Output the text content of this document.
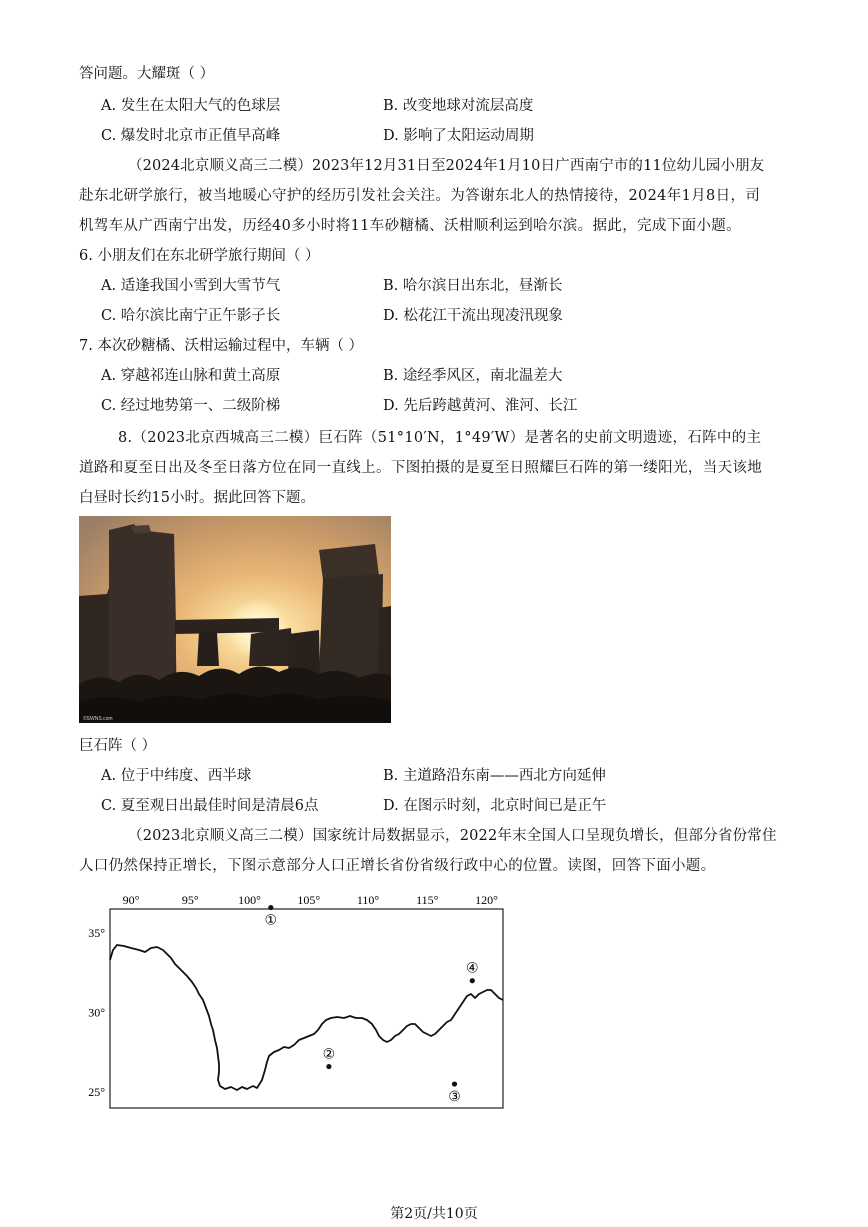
答问题。大耀斑（ ）
A. 发生在太阳大气的色球层	B. 改变地球对流层高度
C. 爆发时北京市正值早高峰	D. 影响了太阳运动周期
（2024北京顺义高三二模）2023年12月31日至2024年1月10日广西南宁市的11位幼儿园小朋友
赴东北研学旅行，被当地暖心守护的经历引发社会关注。为答谢东北人的热情接待，2024年1月8日，司
机驾车从广西南宁出发，历经40多小时将11车砂糖橘、沃柑顺利运到哈尔滨。据此，完成下面小题。
6. 小朋友们在东北研学旅行期间（ ）
A. 适逢我国小雪到大雪节气	B. 哈尔滨日出东北，昼渐长
C. 哈尔滨比南宁正午影子长	D. 松花江干流出现凌汛现象
7. 本次砂糖橘、沃柑运输过程中，车辆（ ）
A. 穿越祁连山脉和黄土高原	B. 途经季风区，南北温差大
C. 经过地势第一、二级阶梯	D. 先后跨越黄河、淮河、长江
8.（2023北京西城高三二模）巨石阵（51°10′N，1°49′W）是著名的史前文明遗迹，石阵中的主
道路和夏至日出及冬至日落方位在同一直线上。下图拍摄的是夏至日照耀巨石阵的第一缕阳光，当天该地
白昼时长约15小时。据此回答下题。
©SWNS.com
巨石阵（ ）
A. 位于中纬度、西半球	B. 主道路沿东南——西北方向延伸
C. 夏至观日出最佳时间是清晨6点	D. 在图示时刻，北京时间已是正午
（2023北京顺义高三二模）国家统计局数据显示，2022年末全国人口呈现负增长，但部分省份常住
人口仍然保持正增长，下图示意部分人口正增长省份省级行政中心的位置。读图，回答下面小题。
90°	95°	100°	105°	110°	115°	120°
35°
30°
25°
①
②
③
④
第2页/共10页
